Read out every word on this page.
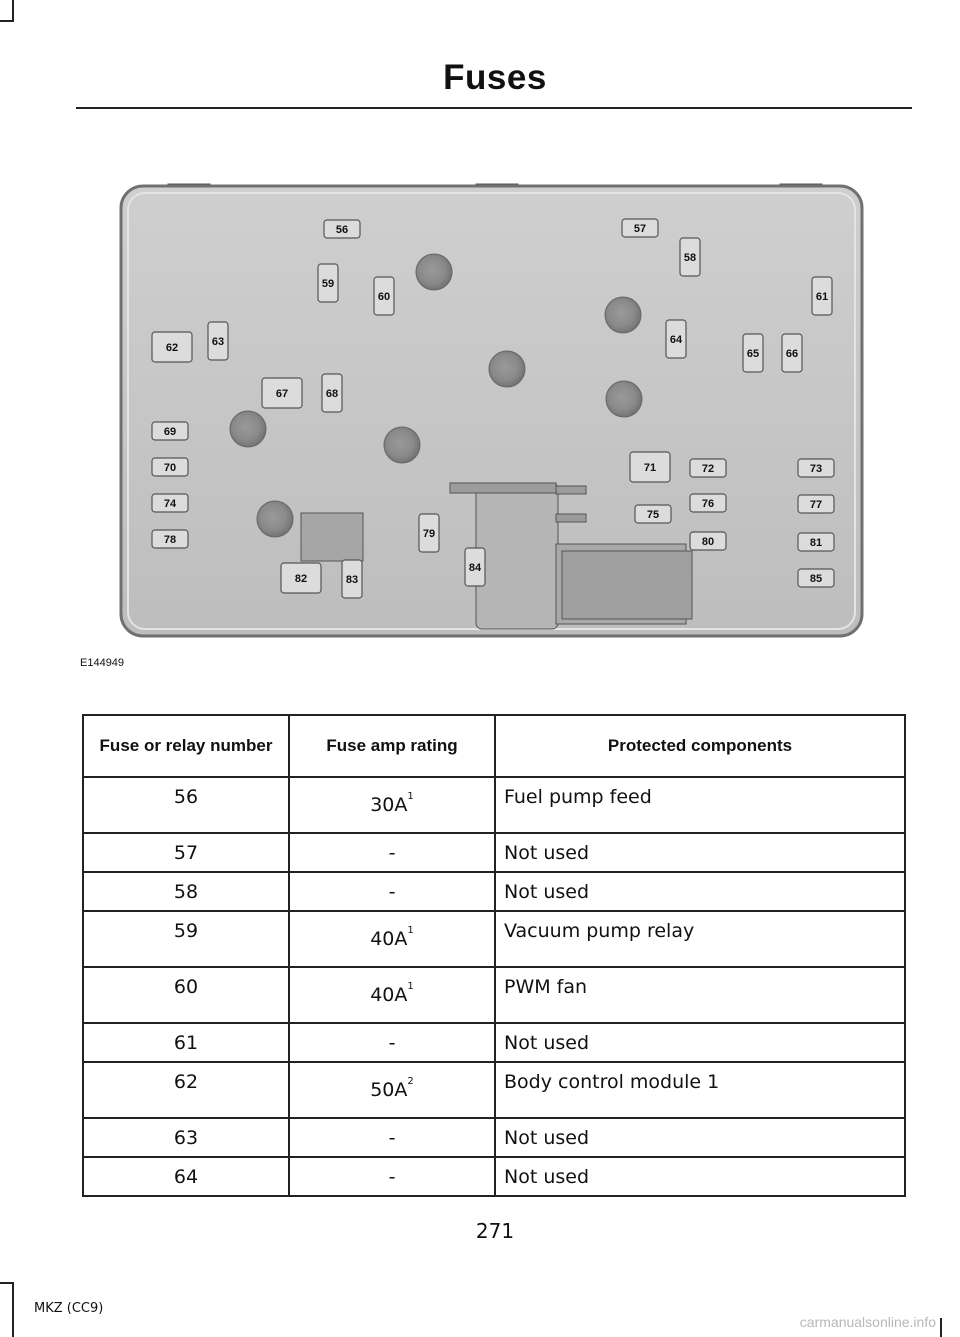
Fuses
56	57
58
59
60	61
62	63	64
65 66
67	68
69
70	71	72	73
74
75
76	77
78	79
80	81
82	83
84
85
E144949
Fuse or relay number	Fuse amp rating	Protected components
56	$30A^1$	Fuel pump feed
57	-	Not used
58	-	Not used
59	$40A^1$	Vacuum pump relay
60	$40A^1$	PWM fan
61	-	Not used
62	$50A^2$	Body control module 1
63	-	Not used
64	-	Not used
271
MKZ (CC9)
carmanualsonline.info
